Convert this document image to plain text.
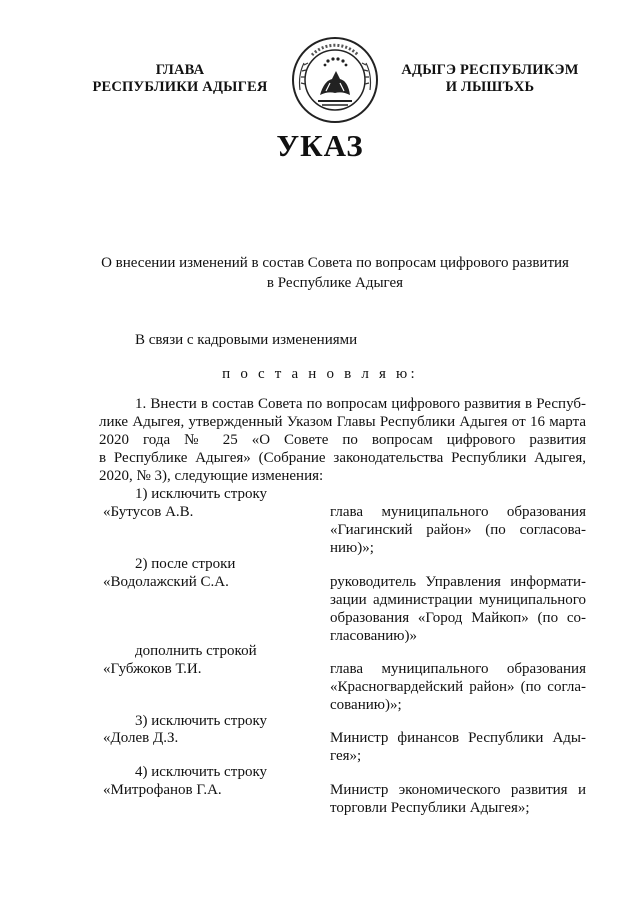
ГЛАВА
РЕСПУБЛИКИ АДЫГЕЯ
АДЫГЭ РЕСПУБЛИКЭМ
И ЛЫШЪХЬ
УКАЗ
О внесении изменений в состав Совета по вопросам цифрового развития
в Республике Адыгея
В связи с кадровыми изменениями
п о с т а н о в л я ю:
1. Внести в состав Совета по вопросам цифрового развития в Респуб-
лике Адыгея, утвержденный Указом Главы Республики Адыгея от 16 марта
2020 года № 25 «О Совете по вопросам цифрового развития
в Республике Адыгея» (Собрание законодательства Республики Адыгея,
2020, № 3), следующие изменения:
1) исключить строку
«Бутусов А.В.	глава муниципального образования
«Гиагинский район» (по согласова-
нию)»;
2) после строки
«Водолажский С.А.	руководитель Управления информати-
зации администрации муниципального
образования «Город Майкоп» (по со-
гласованию)»
дополнить строкой
«Губжоков Т.И.	глава муниципального образования
«Красногвардейский район» (по согла-
сованию)»;
3) исключить строку
«Долев Д.З.	Министр финансов Республики Ады-
гея»;
4) исключить строку
«Митрофанов Г.А.	Министр экономического развития и
торговли Республики Адыгея»;
